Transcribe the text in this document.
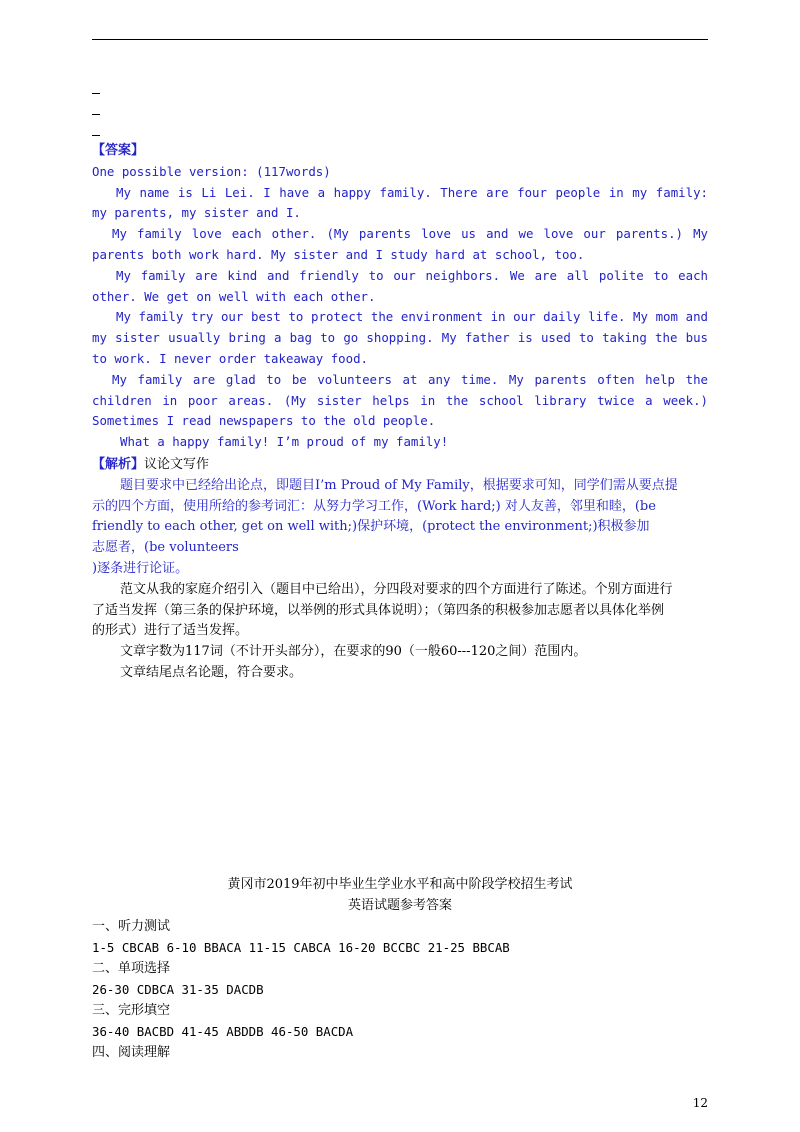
【答案】

One possible version: (117words)

My name is Li Lei. I have a happy family. There are four people in my family: my parents, my sister and I.

My family love each other. (My parents love us and we love our parents.) My parents both work hard. My sister and I study hard at school, too.

My family are kind and friendly to our neighbors. We are all polite to each other. We get on well with each other.

My family try our best to protect the environment in our daily life. My mom and my sister usually bring a bag to go shopping. My father is used to taking the bus to work. I never order takeaway food.

My family are glad to be volunteers at any time. My parents often help the children in poor areas. (My sister helps in the school library twice a week.) Sometimes I read newspapers to the old people.

What a happy family! I’m proud of my family!

【解析】议论文写作

题目要求中已经给出论点，即题目I’m Proud of My Family，根据要求可知，同学们需从要点提

示的四个方面，使用所给的参考词汇：从努力学习工作，(Work hard;) 对人友善，邻里和睦，(be

friendly to each other, get on well with;)保护环境，(protect the environment;)积极参加

志愿者，(be volunteers

)逐条进行论证。

范文从我的家庭介绍引入（题目中已给出），分四段对要求的四个方面进行了陈述。个别方面进行

了适当发挥（第三条的保护环境，以举例的形式具体说明）；（第四条的积极参加志愿者以具体化举例

的形式）进行了适当发挥。

文章字数为117词（不计开头部分），在要求的90（一般60---120之间）范围内。

文章结尾点名论题，符合要求。

黄冈市2019年初中毕业生学业水平和高中阶段学校招生考试

英语试题参考答案

一、听力测试

1-5 CBCAB 6-10 BBACA 11-15 CABCA 16-20 BCCBC 21-25 BBCAB

二、单项选择

26-30 CDBCA 31-35 DACDB

三、完形填空

36-40 BACBD 41-45 ABDDB 46-50 BACDA

四、阅读理解

12
